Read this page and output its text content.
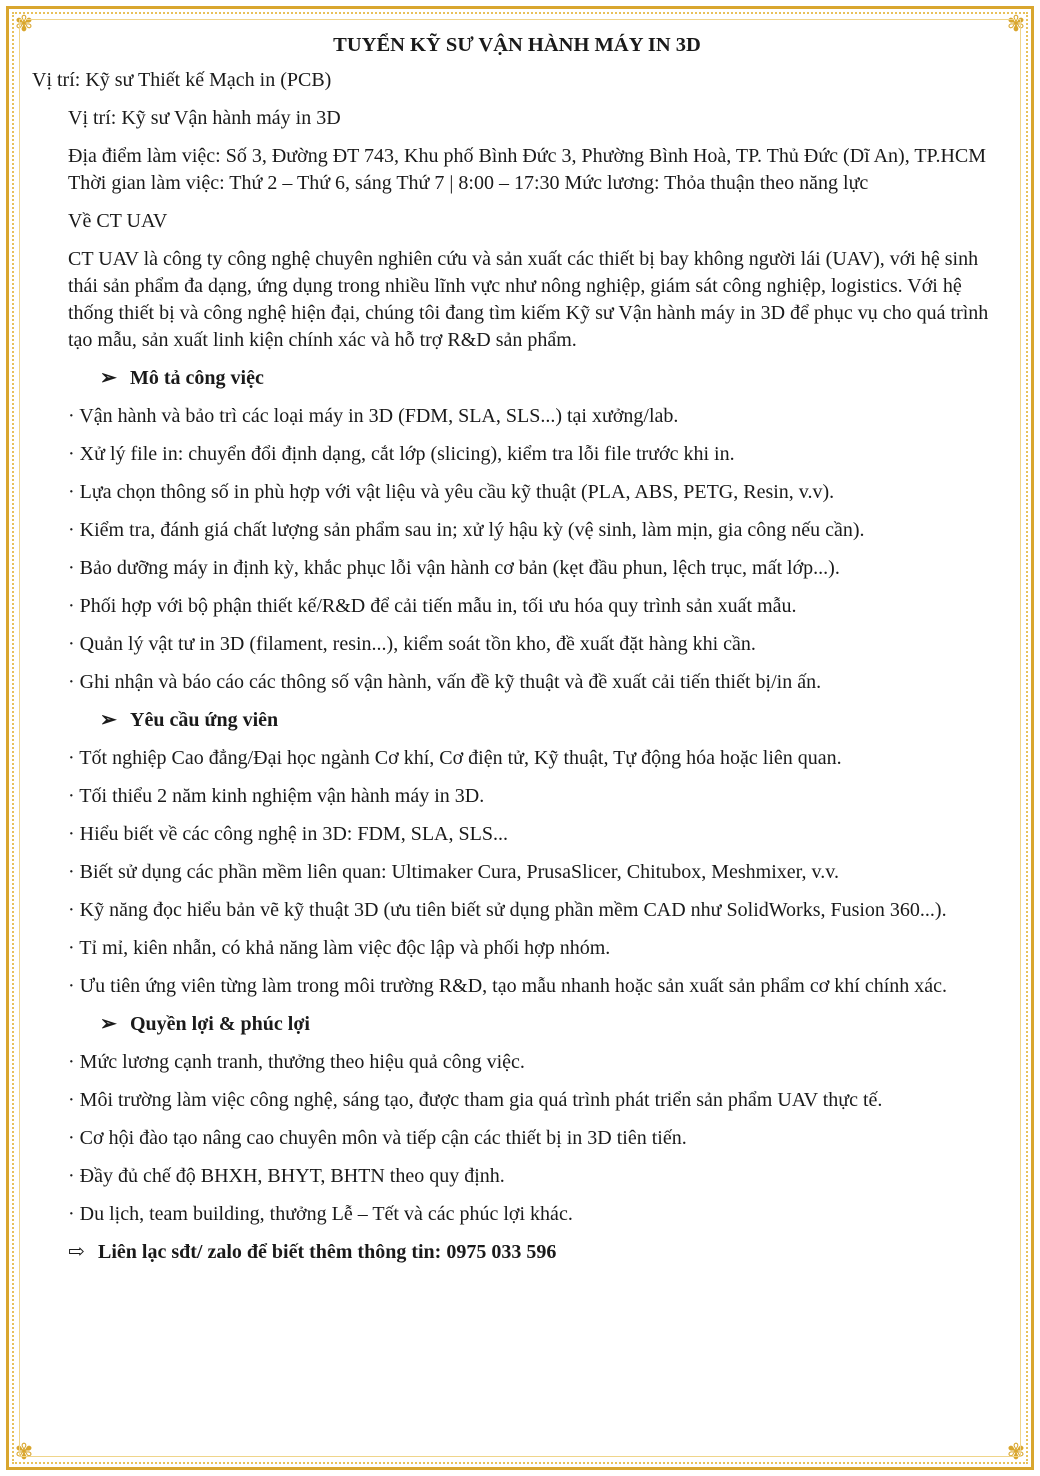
✾	✾
✾	✾
TUYỂN KỸ SƯ VẬN HÀNH MÁY IN 3D

Vị trí: Kỹ sư Thiết kế Mạch in (PCB)

Vị trí: Kỹ sư Vận hành máy in 3D

Địa điểm làm việc: Số 3, Đường ĐT 743, Khu phố Bình Đức 3, Phường Bình Hoà, TP. Thủ Đức (Dĩ An), TP.HCM Thời gian làm việc: Thứ 2 – Thứ 6, sáng Thứ 7 | 8:00 – 17:30 Mức lương: Thỏa thuận theo năng lực

Về CT UAV

CT UAV là công ty công nghệ chuyên nghiên cứu và sản xuất các thiết bị bay không người lái (UAV), với hệ sinh thái sản phẩm đa dạng, ứng dụng trong nhiều lĩnh vực như nông nghiệp, giám sát công nghiệp, logistics. Với hệ thống thiết bị và công nghệ hiện đại, chúng tôi đang tìm kiếm Kỹ sư Vận hành máy in 3D để phục vụ cho quá trình tạo mẫu, sản xuất linh kiện chính xác và hỗ trợ R&D sản phẩm.

➢ Mô tả công việc
· Vận hành và bảo trì các loại máy in 3D (FDM, SLA, SLS...) tại xưởng/lab.
· Xử lý file in: chuyển đổi định dạng, cắt lớp (slicing), kiểm tra lỗi file trước khi in.
· Lựa chọn thông số in phù hợp với vật liệu và yêu cầu kỹ thuật (PLA, ABS, PETG, Resin, v.v).
· Kiểm tra, đánh giá chất lượng sản phẩm sau in; xử lý hậu kỳ (vệ sinh, làm mịn, gia công nếu cần).
· Bảo dưỡng máy in định kỳ, khắc phục lỗi vận hành cơ bản (kẹt đầu phun, lệch trục, mất lớp...).
· Phối hợp với bộ phận thiết kế/R&D để cải tiến mẫu in, tối ưu hóa quy trình sản xuất mẫu.
· Quản lý vật tư in 3D (filament, resin...), kiểm soát tồn kho, đề xuất đặt hàng khi cần.
· Ghi nhận và báo cáo các thông số vận hành, vấn đề kỹ thuật và đề xuất cải tiến thiết bị/in ấn.
➢ Yêu cầu ứng viên
· Tốt nghiệp Cao đẳng/Đại học ngành Cơ khí, Cơ điện tử, Kỹ thuật, Tự động hóa hoặc liên quan.
· Tối thiểu 2 năm kinh nghiệm vận hành máy in 3D.
· Hiểu biết về các công nghệ in 3D: FDM, SLA, SLS...
· Biết sử dụng các phần mềm liên quan: Ultimaker Cura, PrusaSlicer, Chitubox, Meshmixer, v.v.
· Kỹ năng đọc hiểu bản vẽ kỹ thuật 3D (ưu tiên biết sử dụng phần mềm CAD như SolidWorks, Fusion 360...).
· Tỉ mỉ, kiên nhẫn, có khả năng làm việc độc lập và phối hợp nhóm.
· Ưu tiên ứng viên từng làm trong môi trường R&D, tạo mẫu nhanh hoặc sản xuất sản phẩm cơ khí chính xác.
➢ Quyền lợi & phúc lợi
· Mức lương cạnh tranh, thưởng theo hiệu quả công việc.
· Môi trường làm việc công nghệ, sáng tạo, được tham gia quá trình phát triển sản phẩm UAV thực tế.
· Cơ hội đào tạo nâng cao chuyên môn và tiếp cận các thiết bị in 3D tiên tiến.
· Đầy đủ chế độ BHXH, BHYT, BHTN theo quy định.
· Du lịch, team building, thưởng Lễ – Tết và các phúc lợi khác.
⇨ Liên lạc sđt/ zalo để biết thêm thông tin: 0975 033 596
